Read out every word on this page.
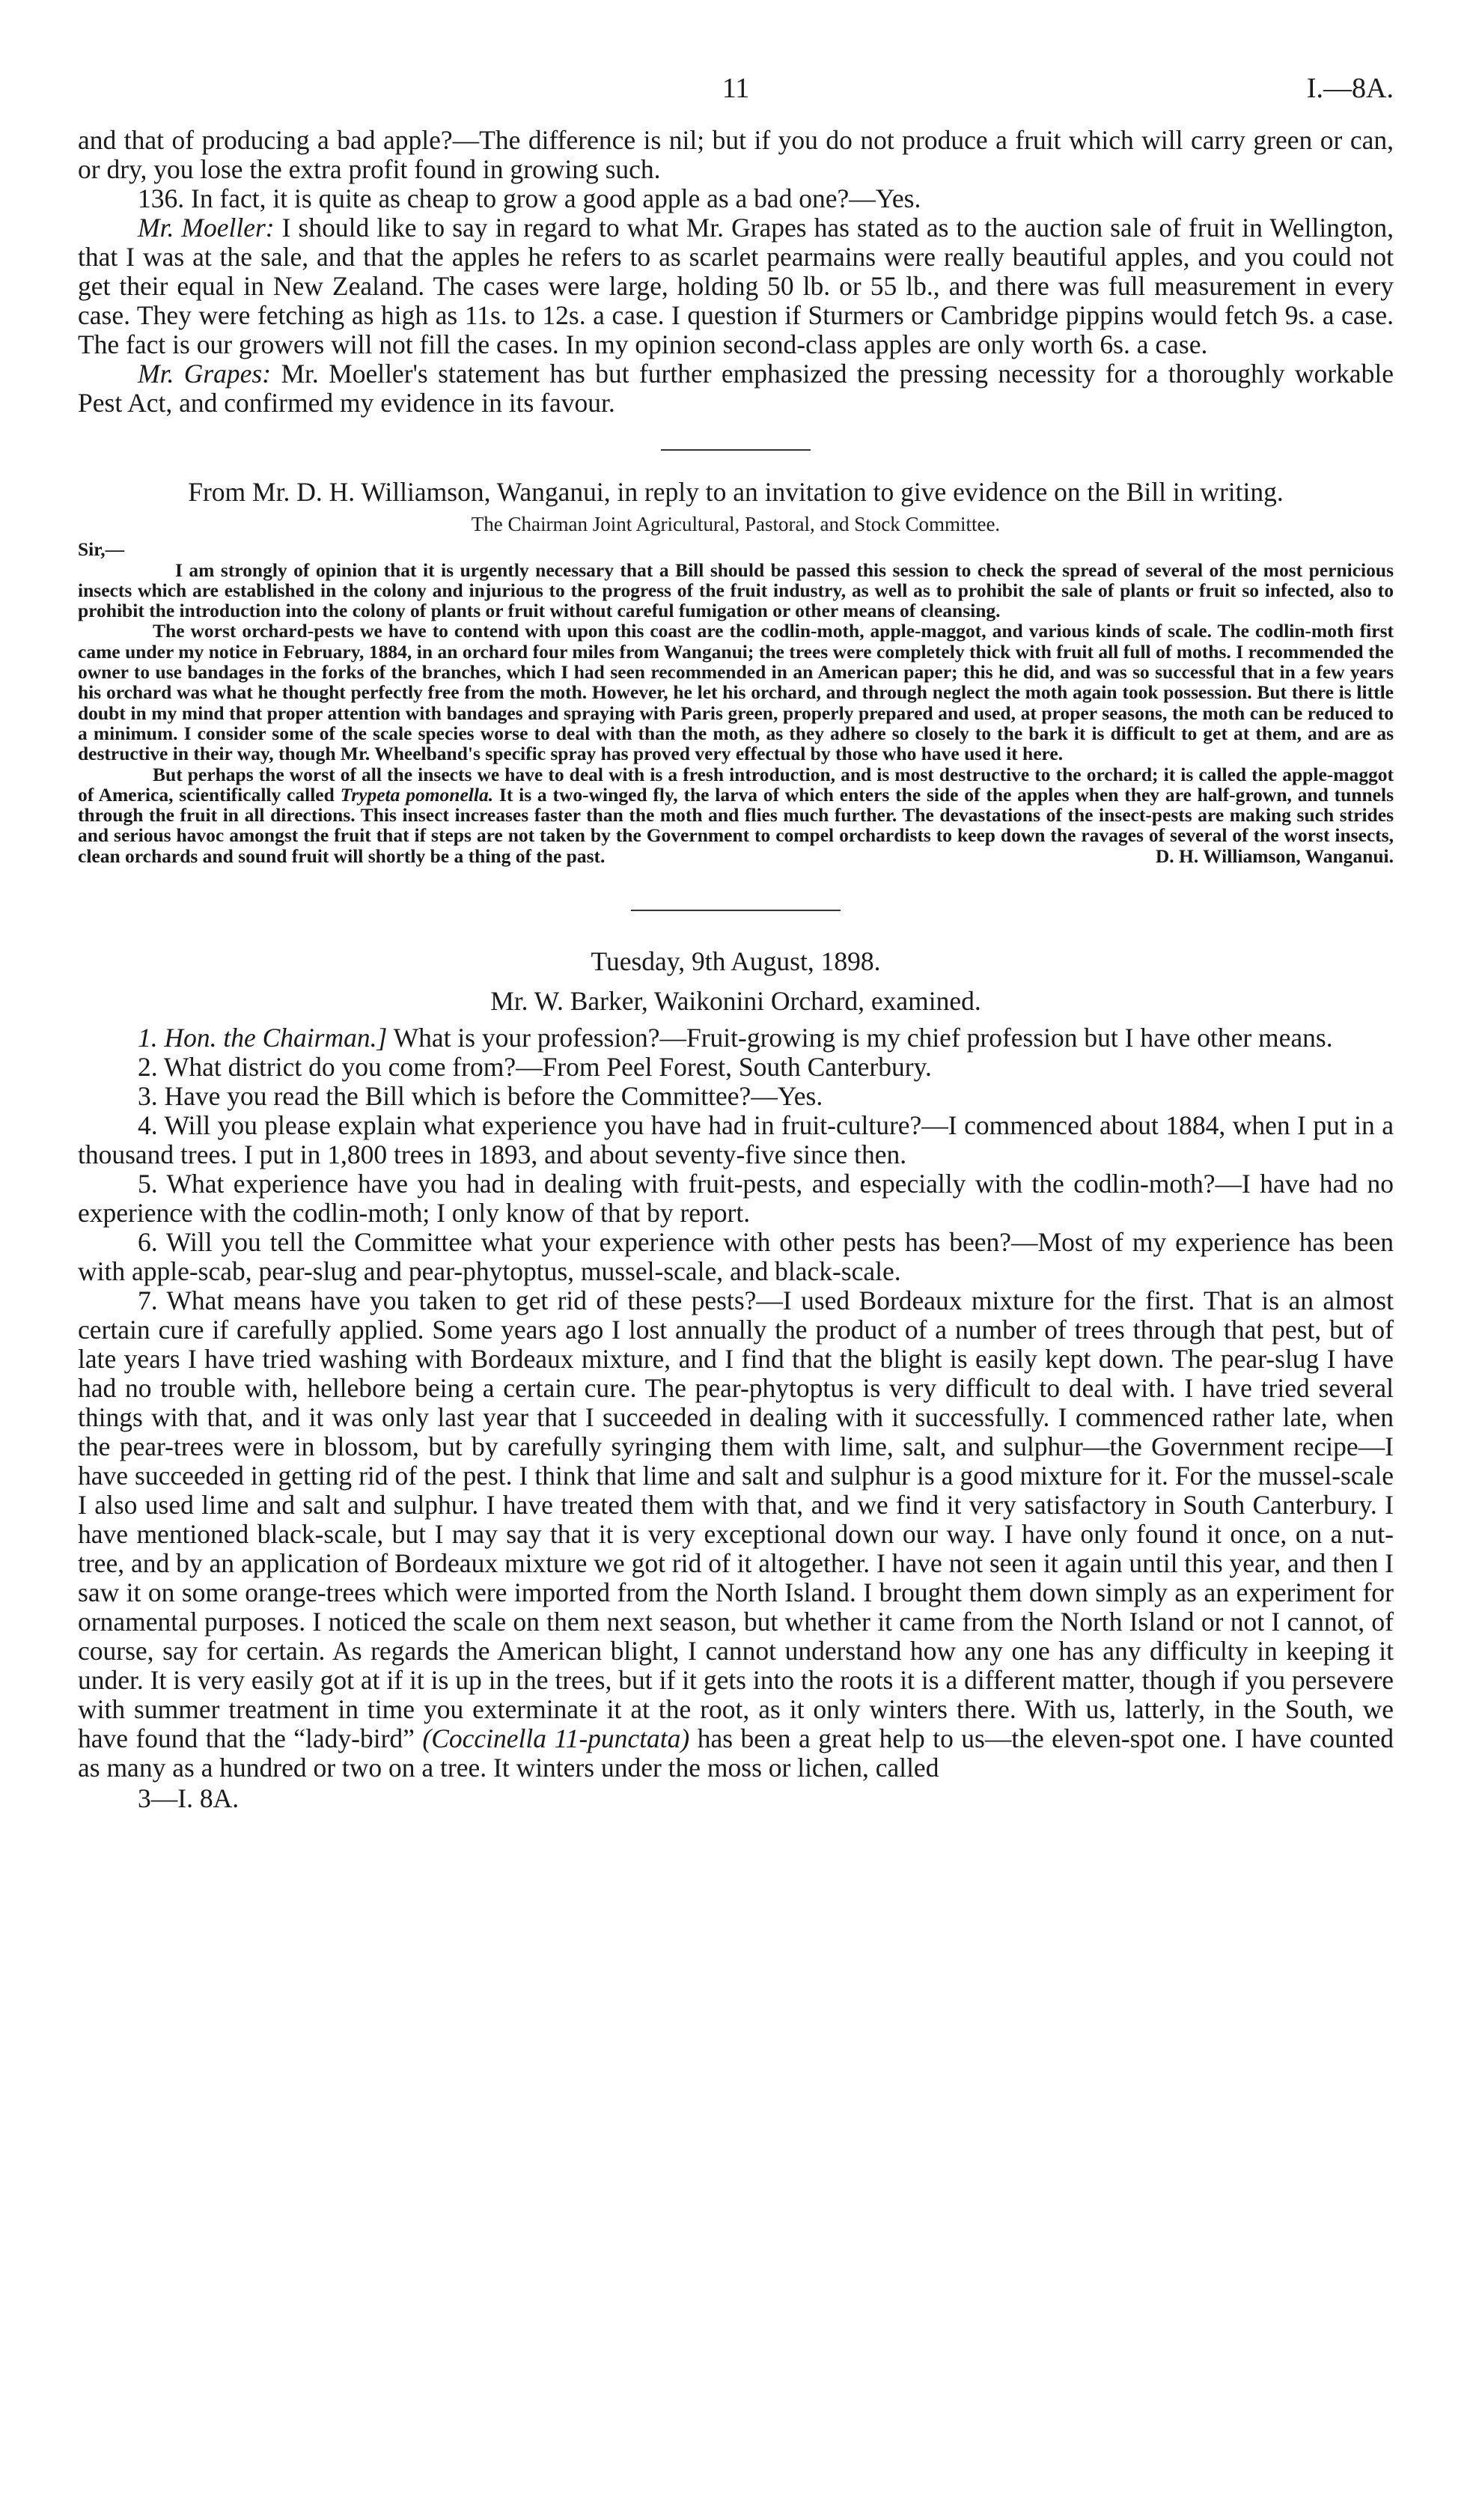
11	I.—8A.

and that of producing a bad apple?—The difference is nil; but if you do not produce a fruit which will carry green or can, or dry, you lose the extra profit found in growing such.

136. In fact, it is quite as cheap to grow a good apple as a bad one?—Yes.

Mr. Moeller: I should like to say in regard to what Mr. Grapes has stated as to the auction sale of fruit in Wellington, that I was at the sale, and that the apples he refers to as scarlet pearmains were really beautiful apples, and you could not get their equal in New Zealand. The cases were large, holding 50 lb. or 55 lb., and there was full measurement in every case. They were fetching as high as 11s. to 12s. a case. I question if Sturmers or Cambridge pippins would fetch 9s. a case. The fact is our growers will not fill the cases. In my opinion second-class apples are only worth 6s. a case.

Mr. Grapes: Mr. Moeller's statement has but further emphasized the pressing necessity for a thoroughly workable Pest Act, and confirmed my evidence in its favour.

From Mr. D. H. Williamson, Wanganui, in reply to an invitation to give evidence on the Bill in writing.

The Chairman Joint Agricultural, Pastoral, and Stock Committee.

Sir,—

I am strongly of opinion that it is urgently necessary that a Bill should be passed this session to check the spread of several of the most pernicious insects which are established in the colony and injurious to the progress of the fruit industry, as well as to prohibit the sale of plants or fruit so infected, also to prohibit the introduction into the colony of plants or fruit without careful fumigation or other means of cleansing.

The worst orchard-pests we have to contend with upon this coast are the codlin-moth, apple-maggot, and various kinds of scale. The codlin-moth first came under my notice in February, 1884, in an orchard four miles from Wanganui; the trees were completely thick with fruit all full of moths. I recommended the owner to use bandages in the forks of the branches, which I had seen recommended in an American paper; this he did, and was so successful that in a few years his orchard was what he thought perfectly free from the moth. However, he let his orchard, and through neglect the moth again took possession. But there is little doubt in my mind that proper attention with bandages and spraying with Paris green, properly prepared and used, at proper seasons, the moth can be reduced to a minimum. I consider some of the scale species worse to deal with than the moth, as they adhere so closely to the bark it is difficult to get at them, and are as destructive in their way, though Mr. Wheelband's specific spray has proved very effectual by those who have used it here.

But perhaps the worst of all the insects we have to deal with is a fresh introduction, and is most destructive to the orchard; it is called the apple-maggot of America, scientifically called Trypeta pomonella. It is a two-winged fly, the larva of which enters the side of the apples when they are half-grown, and tunnels through the fruit in all directions. This insect increases faster than the moth and flies much further. The devastations of the insect-pests are making such strides and serious havoc amongst the fruit that if steps are not taken by the Government to compel orchardists to keep down the ravages of several of the worst insects, clean orchards and sound fruit will shortly be a thing of the past.	D. H. Williamson, Wanganui.

Tuesday, 9th August, 1898.

Mr. W. Barker, Waikonini Orchard, examined.

1. Hon. the Chairman.] What is your profession?—Fruit-growing is my chief profession but I have other means.

2. What district do you come from?—From Peel Forest, South Canterbury.

3. Have you read the Bill which is before the Committee?—Yes.

4. Will you please explain what experience you have had in fruit-culture?—I commenced about 1884, when I put in a thousand trees. I put in 1,800 trees in 1893, and about seventy-five since then.

5. What experience have you had in dealing with fruit-pests, and especially with the codlin-moth?—I have had no experience with the codlin-moth; I only know of that by report.

6. Will you tell the Committee what your experience with other pests has been?—Most of my experience has been with apple-scab, pear-slug and pear-phytoptus, mussel-scale, and black-scale.

7. What means have you taken to get rid of these pests?—I used Bordeaux mixture for the first. That is an almost certain cure if carefully applied. Some years ago I lost annually the product of a number of trees through that pest, but of late years I have tried washing with Bordeaux mixture, and I find that the blight is easily kept down. The pear-slug I have had no trouble with, hellebore being a certain cure. The pear-phytoptus is very difficult to deal with. I have tried several things with that, and it was only last year that I succeeded in dealing with it successfully. I commenced rather late, when the pear-trees were in blossom, but by carefully syringing them with lime, salt, and sulphur—the Government recipe—I have succeeded in getting rid of the pest. I think that lime and salt and sulphur is a good mixture for it. For the mussel-scale I also used lime and salt and sulphur. I have treated them with that, and we find it very satisfactory in South Canterbury. I have mentioned black-scale, but I may say that it is very exceptional down our way. I have only found it once, on a nut-tree, and by an application of Bordeaux mixture we got rid of it altogether. I have not seen it again until this year, and then I saw it on some orange-trees which were imported from the North Island. I brought them down simply as an experiment for ornamental purposes. I noticed the scale on them next season, but whether it came from the North Island or not I cannot, of course, say for certain. As regards the American blight, I cannot understand how any one has any difficulty in keeping it under. It is very easily got at if it is up in the trees, but if it gets into the roots it is a different matter, though if you persevere with summer treatment in time you exterminate it at the root, as it only winters there. With us, latterly, in the South, we have found that the “lady-bird” (Coccinella 11-punctata) has been a great help to us—the eleven-spot one. I have counted as many as a hundred or two on a tree. It winters under the moss or lichen, called

3—I. 8A.
